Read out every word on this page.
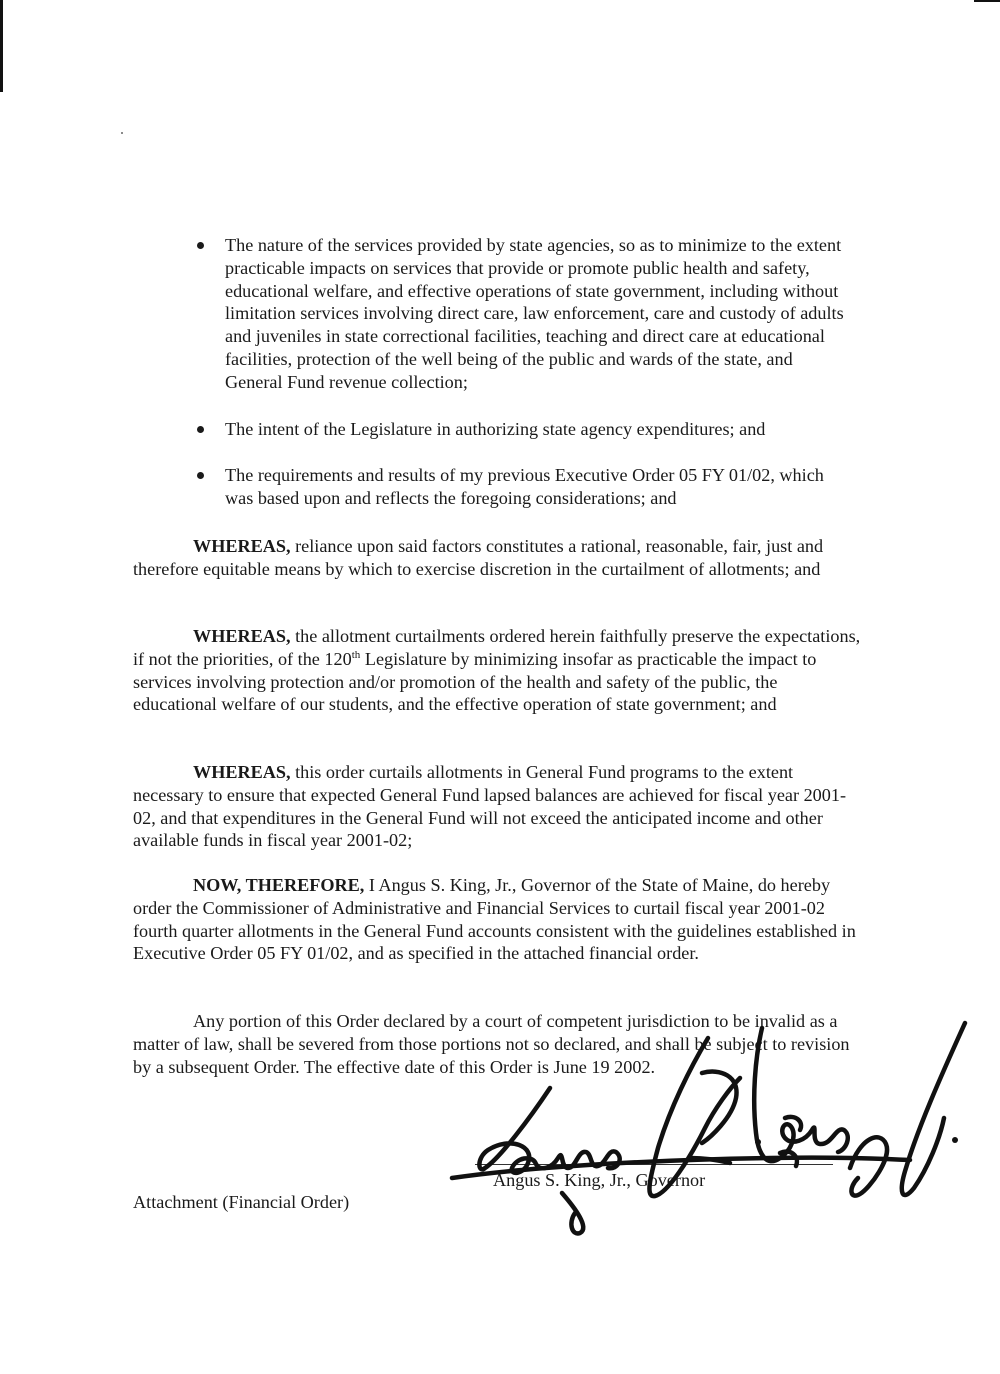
The nature of the services provided by state agencies, so as to minimize to the extent practicable impacts on services that provide or promote public health and safety, educational welfare, and effective operations of state government, including without limitation services involving direct care, law enforcement, care and custody of adults and juveniles in state correctional facilities, teaching and direct care at educational facilities, protection of the well being of the public and wards of the state, and General Fund revenue collection;
The intent of the Legislature in authorizing state agency expenditures; and
The requirements and results of my previous Executive Order 05 FY 01/02, which was based upon and reflects the foregoing considerations; and

WHEREAS, reliance upon said factors constitutes a rational, reasonable, fair, just and therefore equitable means by which to exercise discretion in the curtailment of allotments; and

WHEREAS, the allotment curtailments ordered herein faithfully preserve the expectations, if not the priorities, of the 120th Legislature by minimizing insofar as practicable the impact to services involving protection and/or promotion of the health and safety of the public, the educational welfare of our students, and the effective operation of state government; and

WHEREAS, this order curtails allotments in General Fund programs to the extent necessary to ensure that expected General Fund lapsed balances are achieved for fiscal year 2001-02, and that expenditures in the General Fund will not exceed the anticipated income and other available funds in fiscal year 2001-02;

NOW, THEREFORE, I Angus S. King, Jr., Governor of the State of Maine, do hereby order the Commissioner of Administrative and Financial Services to curtail fiscal year 2001-02 fourth quarter allotments in the General Fund accounts consistent with the guidelines established in Executive Order 05 FY 01/02, and as specified in the attached financial order.

Any portion of this Order declared by a court of competent jurisdiction to be invalid as a matter of law, shall be severed from those portions not so declared, and shall be subject to revision by a subsequent Order. The effective date of this Order is June 19 2002.

Angus S. King, Jr., Governor

Attachment (Financial Order)
